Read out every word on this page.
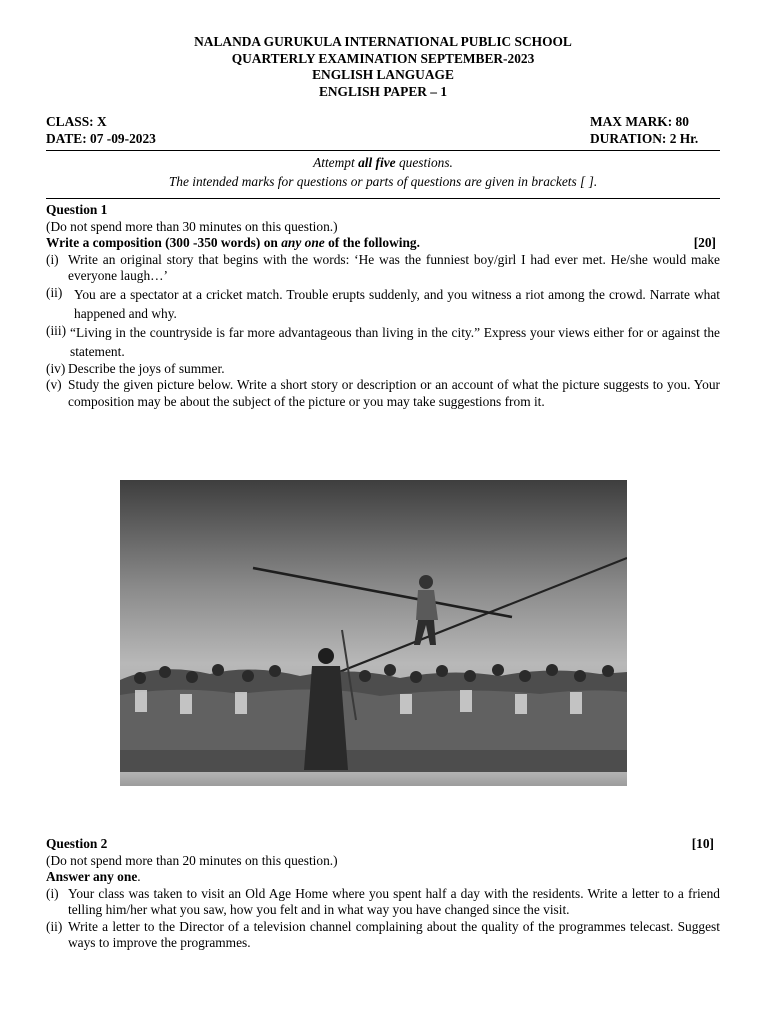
NALANDA GURUKULA INTERNATIONAL PUBLIC SCHOOL
QUARTERLY EXAMINATION SEPTEMBER-2023
ENGLISH LANGUAGE
ENGLISH PAPER – 1
CLASS: X	MAX MARK: 80
DATE: 07 -09-2023	DURATION: 2 Hr.
Attempt all five questions.
The intended marks for questions or parts of questions are given in brackets [ ].
Question 1
(Do not spend more than 30 minutes on this question.)
Write a composition (300 -350 words) on any one of the following.	[20]
(i) Write an original story that begins with the words: ‘He was the funniest boy/girl I had ever met. He/she would make everyone laugh…’
(ii) You are a spectator at a cricket match. Trouble erupts suddenly, and you witness a riot among the crowd. Narrate what happened and why.
(iii) “Living in the countryside is far more advantageous than living in the city.” Express your views either for or against the statement.
(iv) Describe the joys of summer.
(v) Study the given picture below. Write a short story or description or an account of what the picture suggests to you. Your composition may be about the subject of the picture or you may take suggestions from it.
Question 2	[10]
(Do not spend more than 20 minutes on this question.)
Answer any one.
(i) Your class was taken to visit an Old Age Home where you spent half a day with the residents. Write a letter to a friend telling him/her what you saw, how you felt and in what way you have changed since the visit.
(ii) Write a letter to the Director of a television channel complaining about the quality of the programmes telecast. Suggest ways to improve the programmes.
